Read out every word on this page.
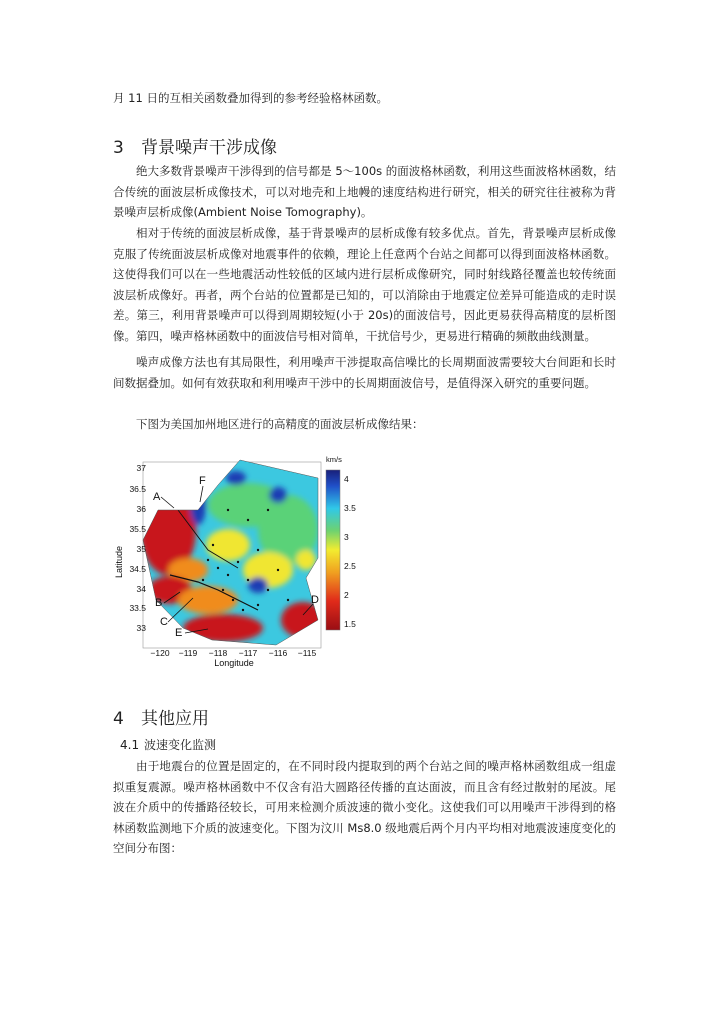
月 11 日的互相关函数叠加得到的参考经验格林函数。
3 背景噪声干涉成像
绝大多数背景噪声干涉得到的信号都是 5～100s 的面波格林函数，利用这些面波格林函数，结合传统的面波层析成像技术，可以对地壳和上地幔的速度结构进行研究，相关的研究往往被称为背景噪声层析成像(Ambient Noise Tomography)。
相对于传统的面波层析成像，基于背景噪声的层析成像有较多优点。首先，背景噪声层析成像克服了传统面波层析成像对地震事件的依赖，理论上任意两个台站之间都可以得到面波格林函数。这使得我们可以在一些地震活动性较低的区域内进行层析成像研究，同时射线路径覆盖也较传统面波层析成像好。再者，两个台站的位置都是已知的，可以消除由于地震定位差异可能造成的走时误差。第三，利用背景噪声可以得到周期较短(小于 20s)的面波信号，因此更易获得高精度的层析图像。第四，噪声格林函数中的面波信号相对简单，干扰信号少，更易进行精确的频散曲线测量。
噪声成像方法也有其局限性，利用噪声干涉提取高信噪比的长周期面波需要较大台间距和长时间数据叠加。如何有效获取和利用噪声干涉中的长周期面波信号，是值得深入研究的重要问题。
下图为美国加州地区进行的高精度的面波层析成像结果：
A
B
C
D
E
F
37
36.5
36
35.5
35
34.5
34
33.5
33
Latitude
−120 −119 −118 −117 −116 −115
Longitude
km/s
4
3.5
3
2.5
2
1.5
4 其他应用
4.1 波速变化监测
由于地震台的位置是固定的，在不同时段内提取到的两个台站之间的噪声格林函数组成一组虚拟重复震源。噪声格林函数中不仅含有沿大圆路径传播的直达面波，而且含有经过散射的尾波。尾波在介质中的传播路径较长，可用来检测介质波速的微小变化。这使我们可以用噪声干涉得到的格林函数监测地下介质的波速变化。下图为汶川 Ms8.0 级地震后两个月内平均相对地震波速度变化的空间分布图：
